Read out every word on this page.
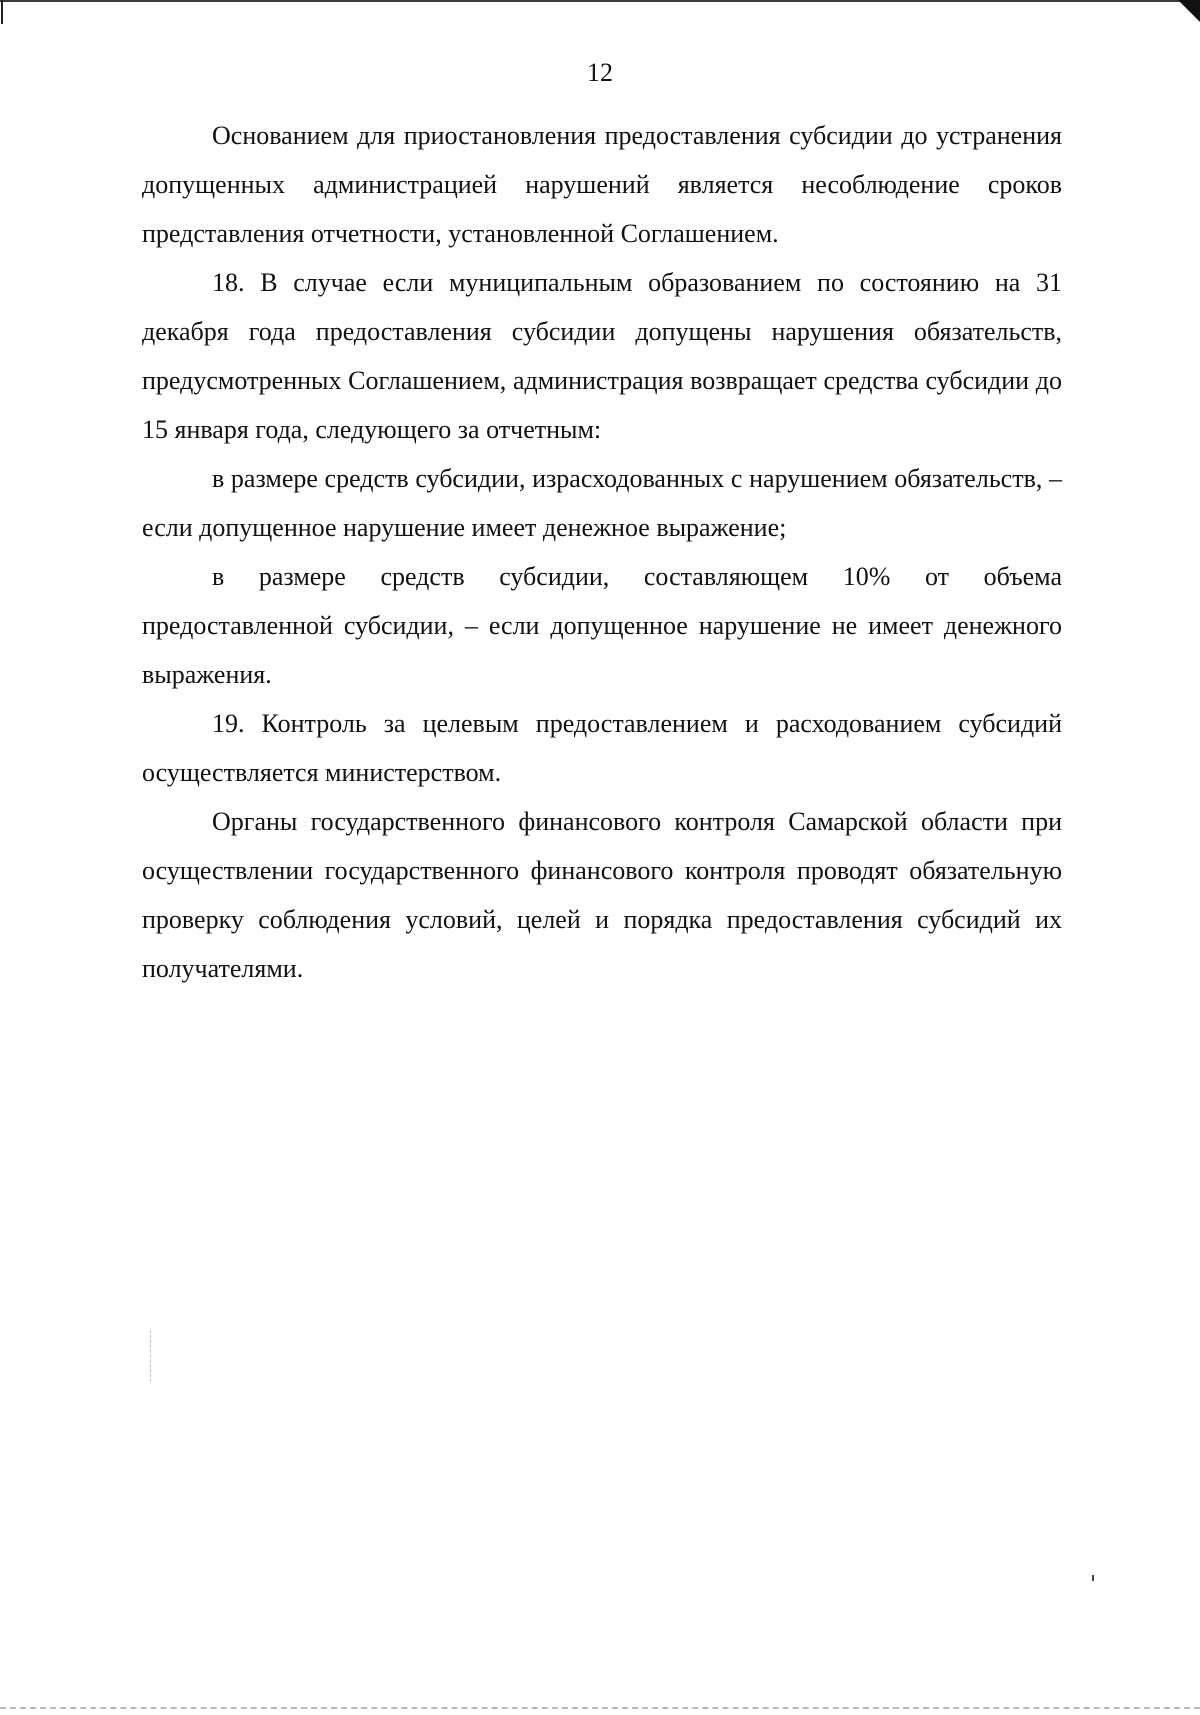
12

Основанием для приостановления предоставления субсидии до устранения допущенных администрацией нарушений является несоблюдение сроков представления отчетности, установленной Соглашением.

18. В случае если муниципальным образованием по состоянию на 31 декабря года предоставления субсидии допущены нарушения обязательств, предусмотренных Соглашением, администрация возвращает средства субсидии до 15 января года, следующего за отчетным:

в размере средств субсидии, израсходованных с нарушением обязательств, – если допущенное нарушение имеет денежное выражение;

в размере средств субсидии, составляющем 10% от объема предоставленной субсидии, – если допущенное нарушение не имеет денежного выражения.

19. Контроль за целевым предоставлением и расходованием субсидий осуществляется министерством.

Органы государственного финансового контроля Самарской области при осуществлении государственного финансового контроля проводят обязательную проверку соблюдения условий, целей и порядка предоставления субсидий их получателями.
